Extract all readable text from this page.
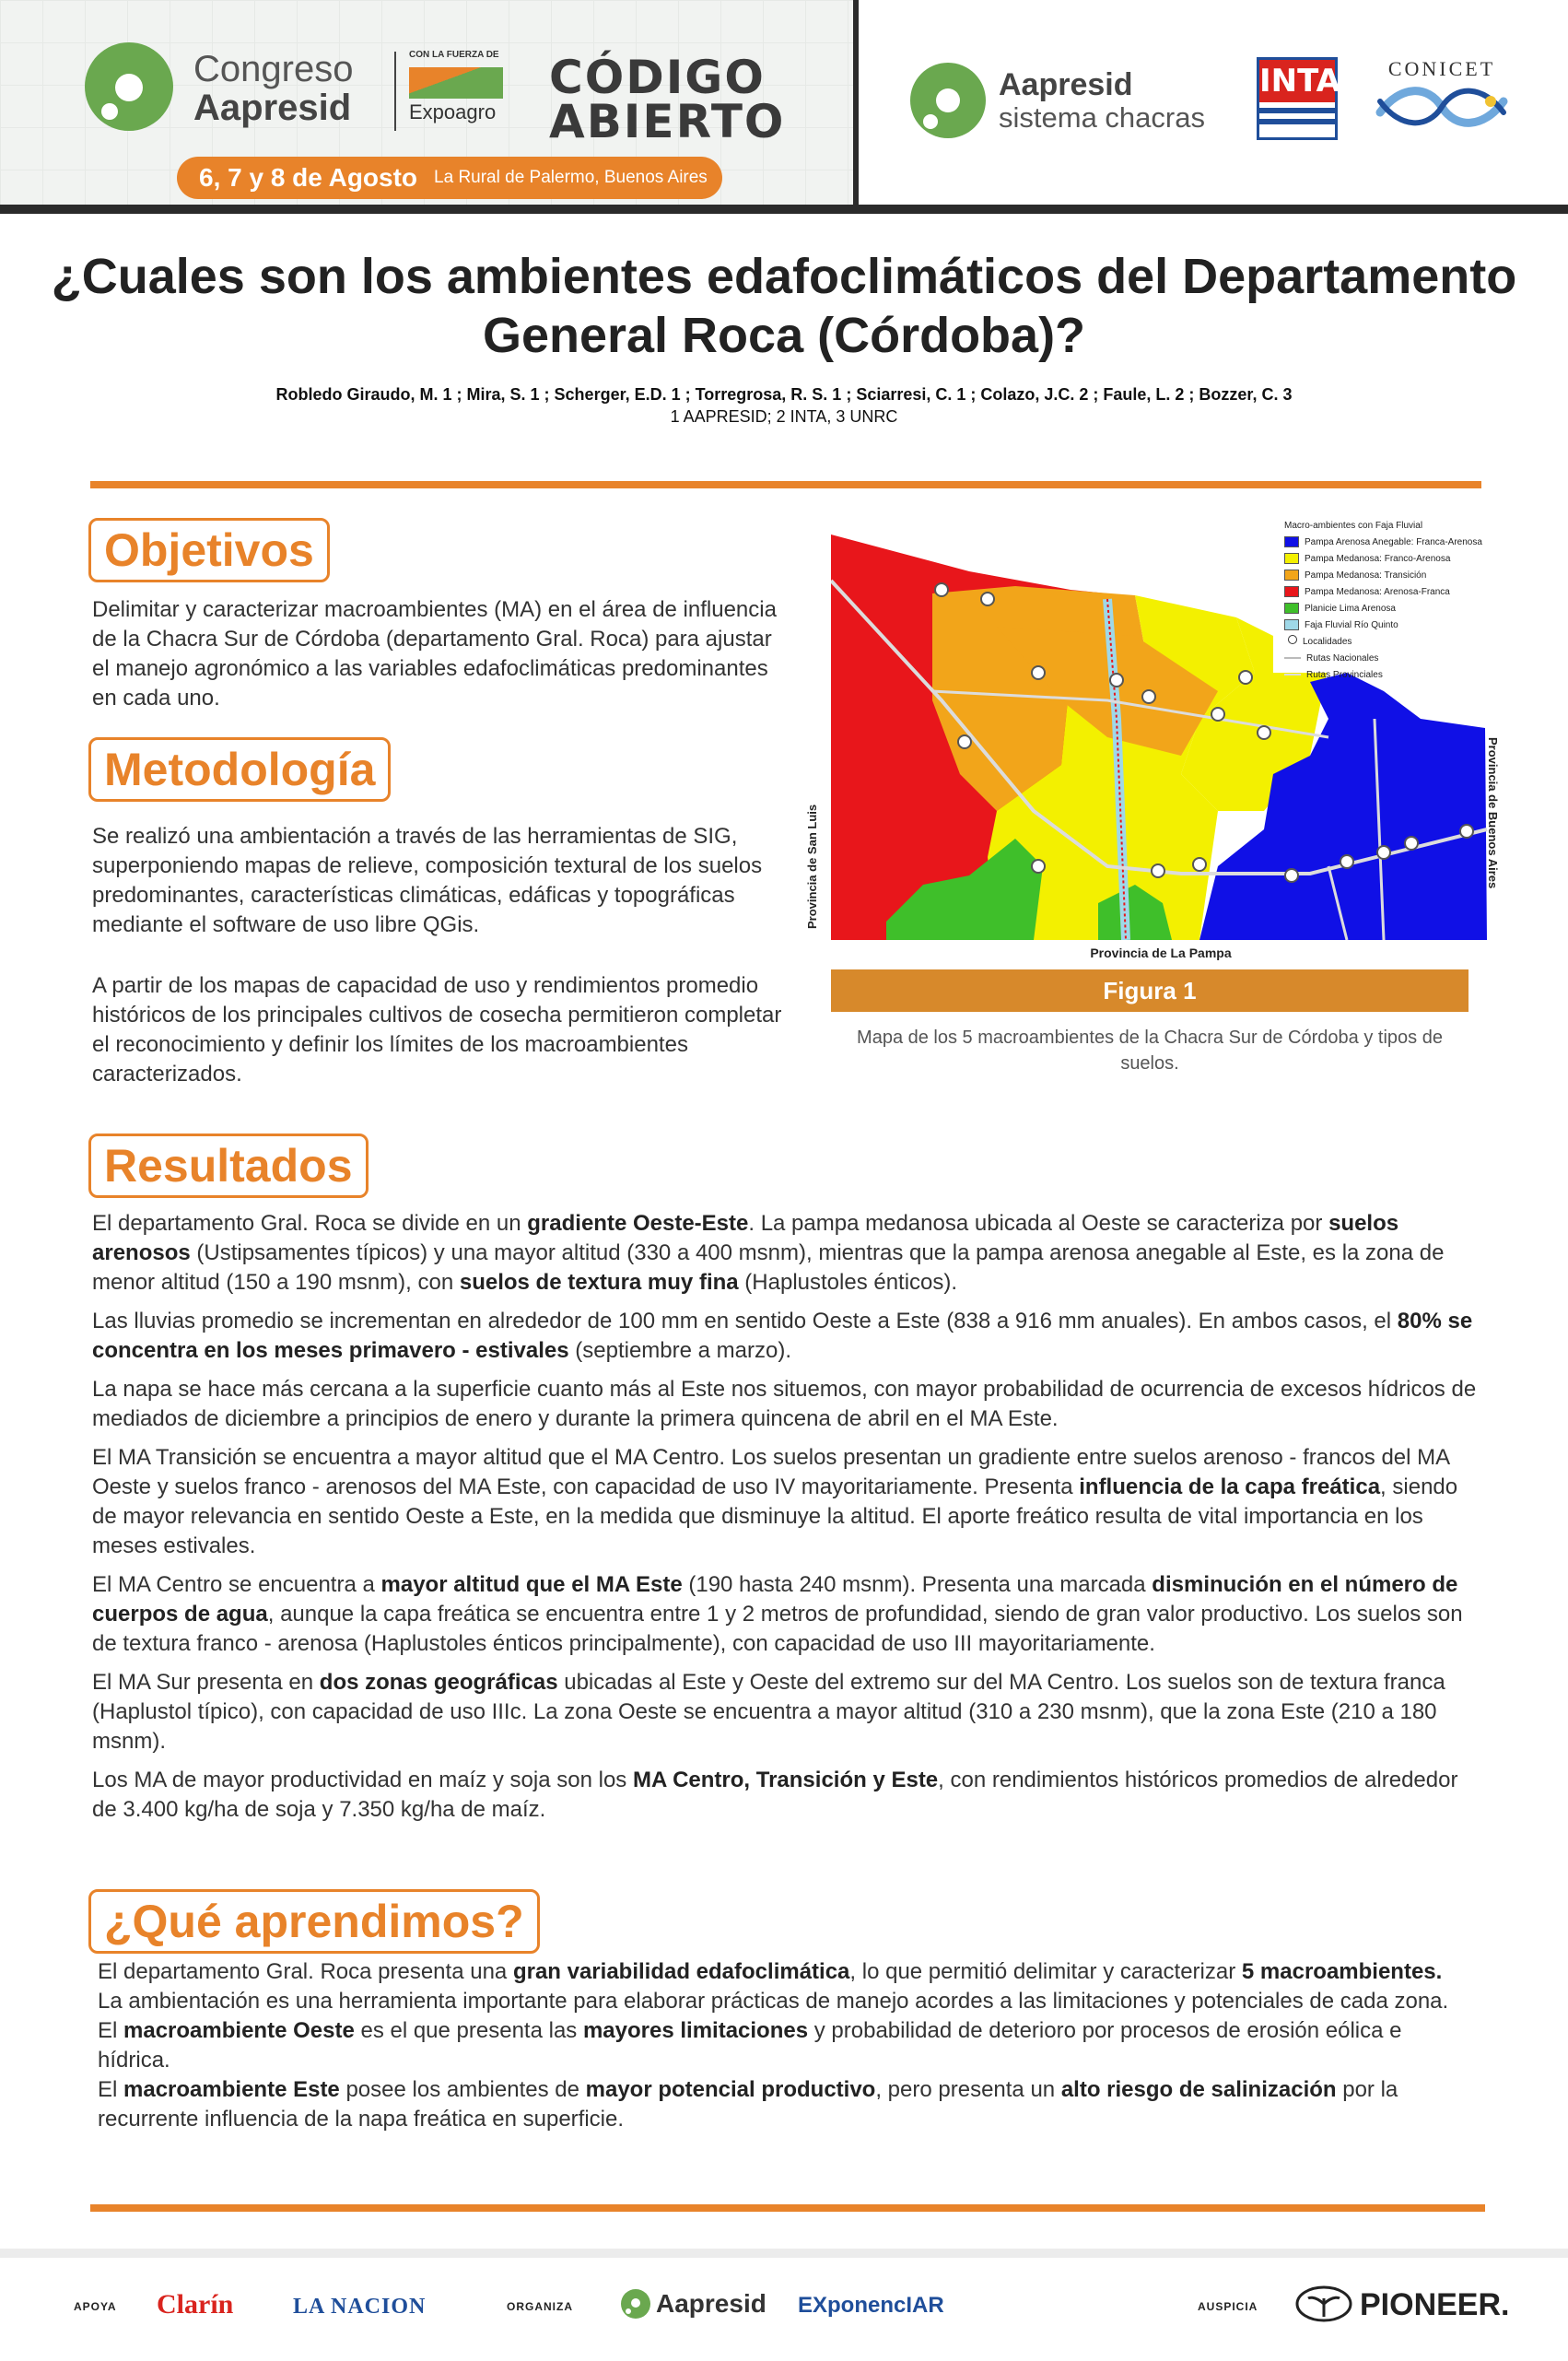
Congreso
Aapresid
CON LA FUERZA DE
Expoagro
CÓDIGO
ABIERTO
6, 7 y 8 de Agosto La Rural de Palermo, Buenos Aires
Aapresid
sistema chacras
INTA	CONICET
¿Cuales son los ambientes edafoclimáticos del Departamento
General Roca (Córdoba)?
Robledo Giraudo, M. 1 ; Mira, S. 1 ; Scherger, E.D. 1 ; Torregrosa, R. S. 1 ; Sciarresi, C. 1 ; Colazo, J.C. 2 ; Faule, L. 2 ; Bozzer, C. 3
1 AAPRESID; 2 INTA, 3 UNRC
Objetivos
Delimitar y caracterizar macroambientes (MA) en el área de influencia de la Chacra Sur de Córdoba (departamento Gral. Roca) para ajustar el manejo agronómico a las variables edafoclimáticas predominantes en cada uno.
Metodología

Se realizó una ambientación a través de las herramientas de SIG, superponiendo mapas de relieve, composición textural de los suelos predominantes, características climáticas, edáficas y topográficas mediante el software de uso libre QGis.

A partir de los mapas de capacidad de uso y rendimientos promedio históricos de los principales cultivos de cosecha permitieron completar el reconocimiento y definir los límites de los macroambientes caracterizados.

Macro-ambientes con Faja Fluvial
Pampa Arenosa Anegable: Franca-Arenosa
Pampa Medanosa: Franco-Arenosa
Pampa Medanosa: Transición
Pampa Medanosa: Arenosa-Franca
Planicie Lima Arenosa
Faja Fluvial Río Quinto
Localidades
Rutas Nacionales
Rutas Provinciales
Provincia de San Luis	Provincia de Buenos Aires
Provincia de La Pampa
Figura 1
Mapa de los 5 macroambientes de la Chacra Sur de Córdoba y tipos de suelos.
Resultados

El departamento Gral. Roca se divide en un gradiente Oeste-Este. La pampa medanosa ubicada al Oeste se caracteriza por suelos arenosos (Ustipsamentes típicos) y una mayor altitud (330 a 400 msnm), mientras que la pampa arenosa anegable al Este, es la zona de menor altitud (150 a 190 msnm), con suelos de textura muy fina (Haplustoles énticos).

Las lluvias promedio se incrementan en alrededor de 100 mm en sentido Oeste a Este (838 a 916 mm anuales). En ambos casos, el 80% se concentra en los meses primavero - estivales (septiembre a marzo).

La napa se hace más cercana a la superficie cuanto más al Este nos situemos, con mayor probabilidad de ocurrencia de excesos hídricos de mediados de diciembre a principios de enero y durante la primera quincena de abril en el MA Este.

El MA Transición se encuentra a mayor altitud que el MA Centro. Los suelos presentan un gradiente entre suelos arenoso - francos del MA Oeste y suelos franco - arenosos del MA Este, con capacidad de uso IV mayoritariamente. Presenta influencia de la capa freática, siendo de mayor relevancia en sentido Oeste a Este, en la medida que disminuye la altitud. El aporte freático resulta de vital importancia en los meses estivales.

El MA Centro se encuentra a mayor altitud que el MA Este (190 hasta 240 msnm). Presenta una marcada disminución en el número de cuerpos de agua, aunque la capa freática se encuentra entre 1 y 2 metros de profundidad, siendo de gran valor productivo. Los suelos son de textura franco - arenosa (Haplustoles énticos principalmente), con capacidad de uso III mayoritariamente.

El MA Sur presenta en dos zonas geográficas ubicadas al Este y Oeste del extremo sur del MA Centro. Los suelos son de textura franca (Haplustol típico), con capacidad de uso IIIc. La zona Oeste se encuentra a mayor altitud (310 a 230 msnm), que la zona Este (210 a 180 msnm).

Los MA de mayor productividad en maíz y soja son los MA Centro, Transición y Este, con rendimientos históricos promedios de alrededor de 3.400 kg/ha de soja y 7.350 kg/ha de maíz.

¿Qué aprendimos?

El departamento Gral. Roca presenta una gran variabilidad edafoclimática, lo que permitió delimitar y caracterizar 5 macroambientes.

La ambientación es una herramienta importante para elaborar prácticas de manejo acordes a las limitaciones y potenciales de cada zona.

El macroambiente Oeste es el que presenta las mayores limitaciones y probabilidad de deterioro por procesos de erosión eólica e hídrica.

El macroambiente Este posee los ambientes de mayor potencial productivo, pero presenta un alto riesgo de salinización por la recurrente influencia de la napa freática en superficie.

APOYA Clarín	LA NACION	ORGANIZA	Aapresid EXponencIAR	AUSPICIA	PIONEER.
